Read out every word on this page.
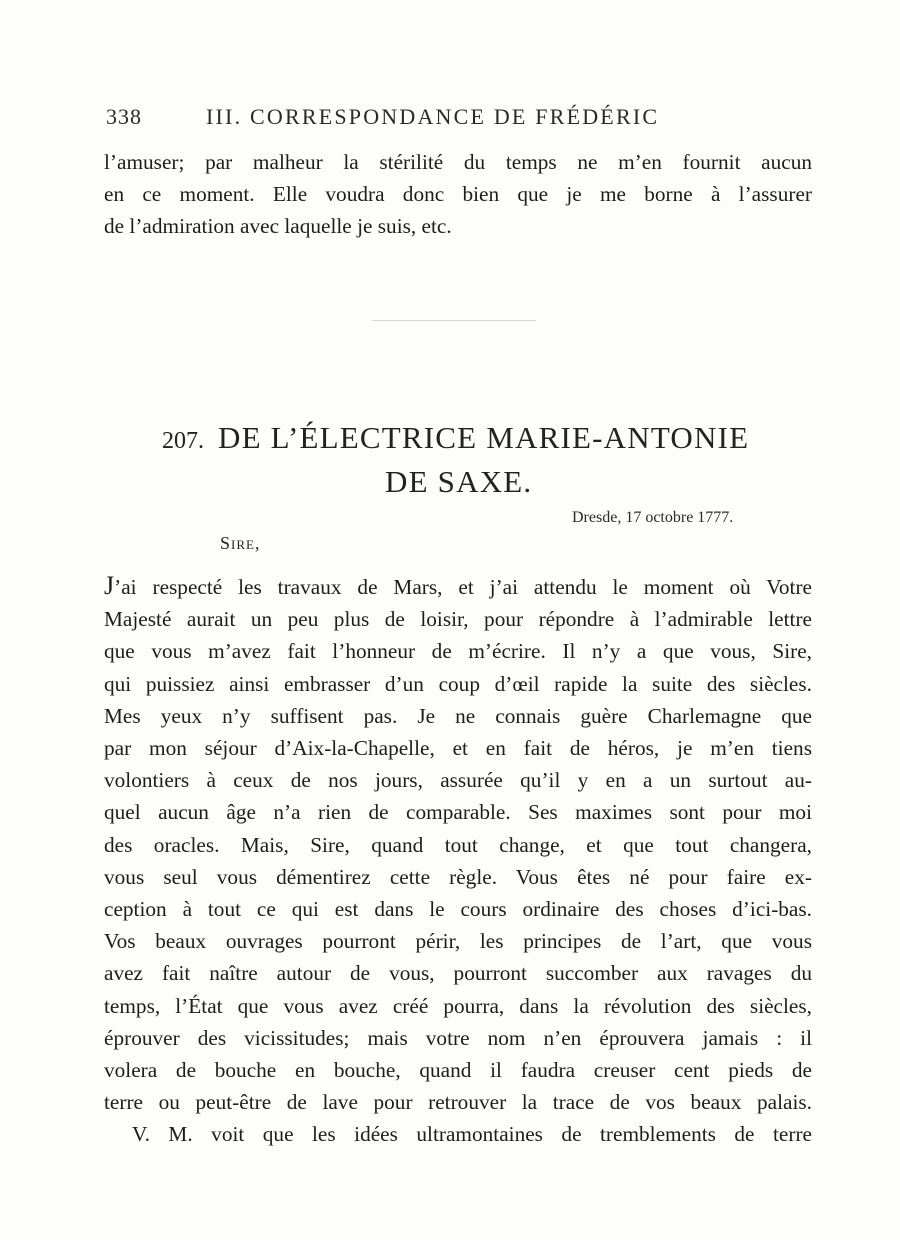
338	III. CORRESPONDANCE DE FRÉDÉRIC
l’amuser; par malheur la stérilité du temps ne m’en fournit aucun
en ce moment. Elle voudra donc bien que je me borne à l’assurer
de l’admiration avec laquelle je suis, etc.
207. DE L’ÉLECTRICE MARIE-ANTONIE
DE SAXE.
Dresde, 17 octobre 1777.
Sire,
J’ai respecté les travaux de Mars, et j’ai attendu le moment où Votre
Majesté aurait un peu plus de loisir, pour répondre à l’admirable lettre
que vous m’avez fait l’honneur de m’écrire. Il n’y a que vous, Sire,
qui puissiez ainsi embrasser d’un coup d’œil rapide la suite des siècles.
Mes yeux n’y suffisent pas. Je ne connais guère Charlemagne que
par mon séjour d’Aix-la-Chapelle, et en fait de héros, je m’en tiens
volontiers à ceux de nos jours, assurée qu’il y en a un surtout au-
quel aucun âge n’a rien de comparable. Ses maximes sont pour moi
des oracles. Mais, Sire, quand tout change, et que tout changera,
vous seul vous démentirez cette règle. Vous êtes né pour faire ex-
ception à tout ce qui est dans le cours ordinaire des choses d’ici-bas.
Vos beaux ouvrages pourront périr, les principes de l’art, que vous
avez fait naître autour de vous, pourront succomber aux ravages du
temps, l’État que vous avez créé pourra, dans la révolution des siècles,
éprouver des vicissitudes; mais votre nom n’en éprouvera jamais : il
volera de bouche en bouche, quand il faudra creuser cent pieds de
terre ou peut-être de lave pour retrouver la trace de vos beaux palais.
V. M. voit que les idées ultramontaines de tremblements de terre
